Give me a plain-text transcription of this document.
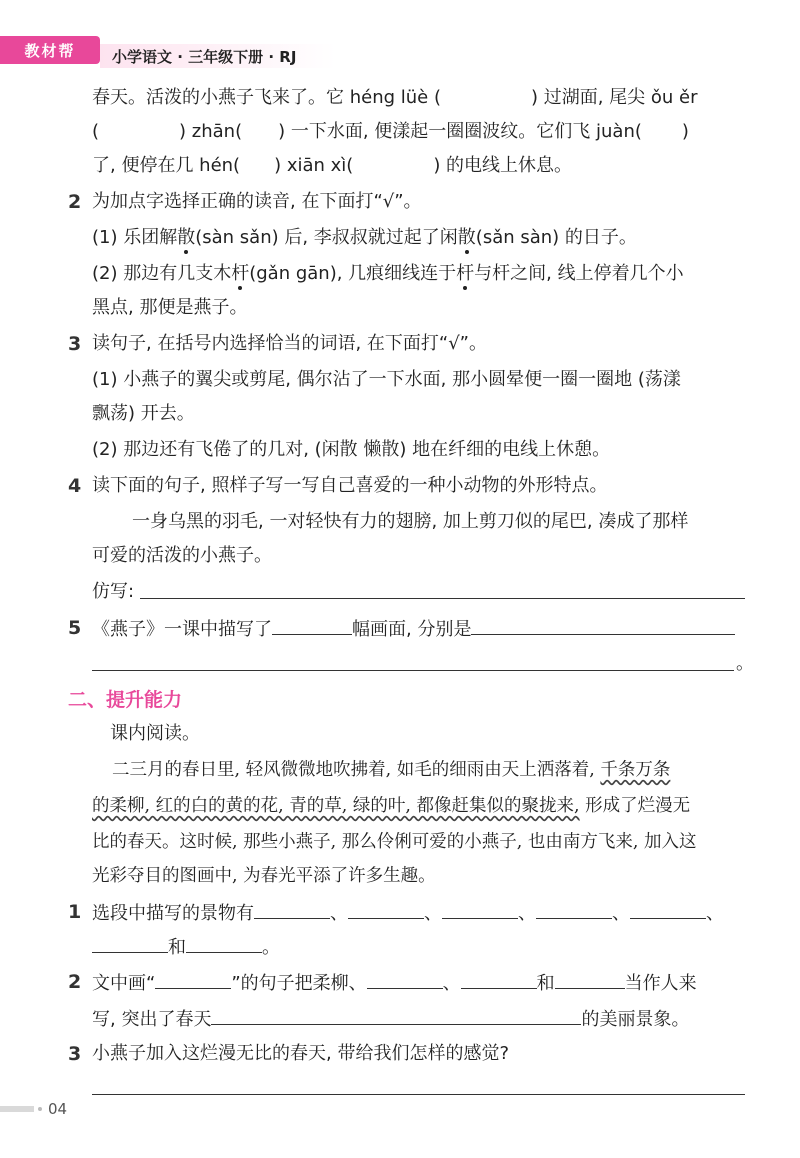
教材帮	小学语文 · 三年级下册 · RJ
春天。活泼的小燕子飞来了。它 héng lüè (	) 过湖面, 尾尖 ǒu ěr
(	) zhān( ) 一下水面, 便漾起一圈圈波纹。它们飞 juàn( )
了, 便停在几 hén( ) xiān xì(	) 的电线上休息。
2 为加点字选择正确的读音, 在下面打“√”。
(1) 乐团解散(sàn sǎn) 后, 李叔叔就过起了闲散(sǎn sàn) 的日子。
(2) 那边有几支木杆(gǎn gān), 几痕细线连于杆与杆之间, 线上停着几个小
黑点, 那便是燕子。
3 读句子, 在括号内选择恰当的词语, 在下面打“√”。
(1) 小燕子的翼尖或剪尾, 偶尔沾了一下水面, 那小圆晕便一圈一圈地 (荡漾
飘荡) 开去。
(2) 那边还有飞倦了的几对, (闲散 懒散) 地在纤细的电线上休憩。
4 读下面的句子, 照样子写一写自己喜爱的一种小动物的外形特点。
一身乌黑的羽毛, 一对轻快有力的翅膀, 加上剪刀似的尾巴, 凑成了那样
可爱的活泼的小燕子。
仿写:
5 《燕子》一课中描写了	幅画面, 分别是
。
二、提升能力
课内阅读。
二三月的春日里, 轻风微微地吹拂着, 如毛的细雨由天上洒落着, 千条万条
的柔柳, 红的白的黄的花, 青的草, 绿的叶, 都像赶集似的聚拢来, 形成了烂漫无
比的春天。这时候, 那些小燕子, 那么伶俐可爱的小燕子, 也由南方飞来, 加入这
光彩夺目的图画中, 为春光平添了许多生趣。
1 选段中描写的景物有	、	、	、	、	、
和	。
2 文中画“	”的句子把柔柳、	、	和	当作人来
写, 突出了春天	的美丽景象。
3 小燕子加入这烂漫无比的春天, 带给我们怎样的感觉?
04
